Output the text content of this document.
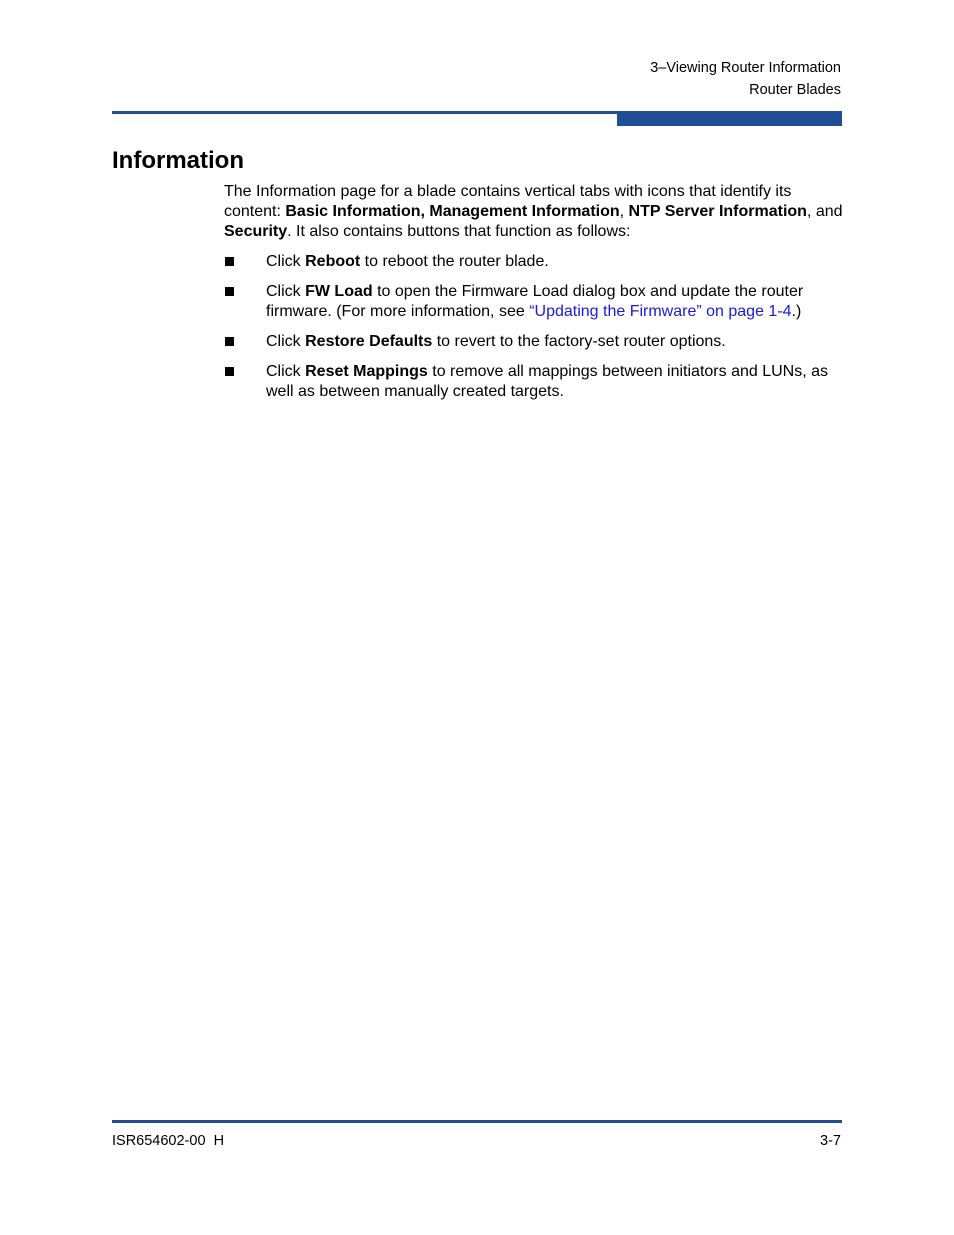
3–Viewing Router Information
Router Blades
Information

The Information page for a blade contains vertical tabs with icons that identify its content: Basic Information, Management Information, NTP Server Information, and Security. It also contains buttons that function as follows:

Click Reboot to reboot the router blade.
Click FW Load to open the Firmware Load dialog box and update the router firmware. (For more information, see “Updating the Firmware” on page 1-4.)
Click Restore Defaults to revert to the factory-set router options.
Click Reset Mappings to remove all mappings between initiators and LUNs, as well as between manually created targets.
ISR654602-00  H	3-7
